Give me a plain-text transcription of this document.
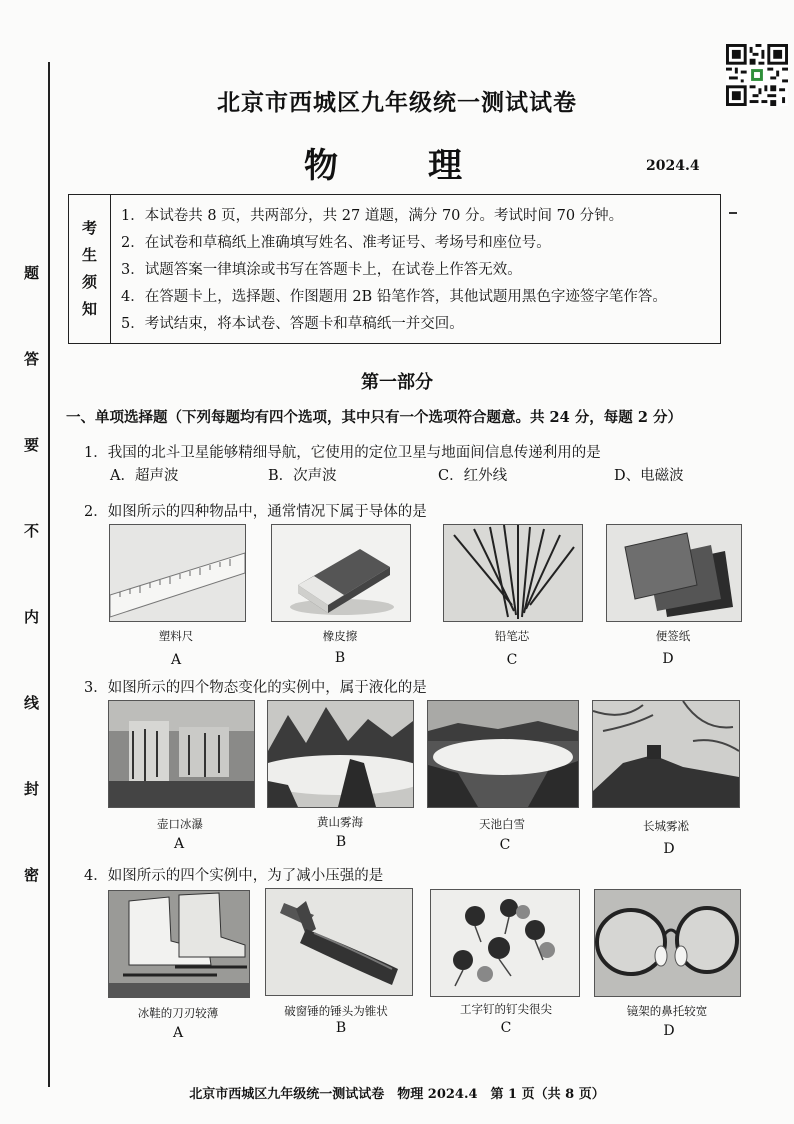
题
答
要
不
内
线
封
密
北京市西城区九年级统一测试试卷
物　理	2024.4
考
生
须
知
1．本试卷共 8 页，共两部分，共 27 道题，满分 70 分。考试时间 70 分钟。
2．在试卷和草稿纸上准确填写姓名、准考证号、考场号和座位号。
3．试题答案一律填涂或书写在答题卡上，在试卷上作答无效。
4．在答题卡上，选择题、作图题用 2B 铅笔作答，其他试题用黑色字迹签字笔作答。
5．考试结束，将本试卷、答题卡和草稿纸一并交回。
第一部分
一、单项选择题（下列每题均有四个选项，其中只有一个选项符合题意。共 24 分，每题 2 分）
1．我国的北斗卫星能够精细导航，它使用的定位卫星与地面间信息传递利用的是
A．超声波	B．次声波	C．红外线	D、电磁波
2．如图所示的四种物品中，通常情况下属于导体的是
塑料尺	橡皮擦	铅笔芯	便签纸
A	B	C	D
3．如图所示的四个物态变化的实例中，属于液化的是
壶口冰瀑	黄山雾海	天池白雪	长城雾凇
A	B	C	D
4．如图所示的四个实例中，为了减小压强的是
冰鞋的刀刃较薄	破窗锤的锤头为锥状	工字钉的钉尖很尖	镜架的鼻托较宽
A	B	C	D
北京市西城区九年级统一测试试卷　物理 2024.4　第 1 页（共 8 页）
